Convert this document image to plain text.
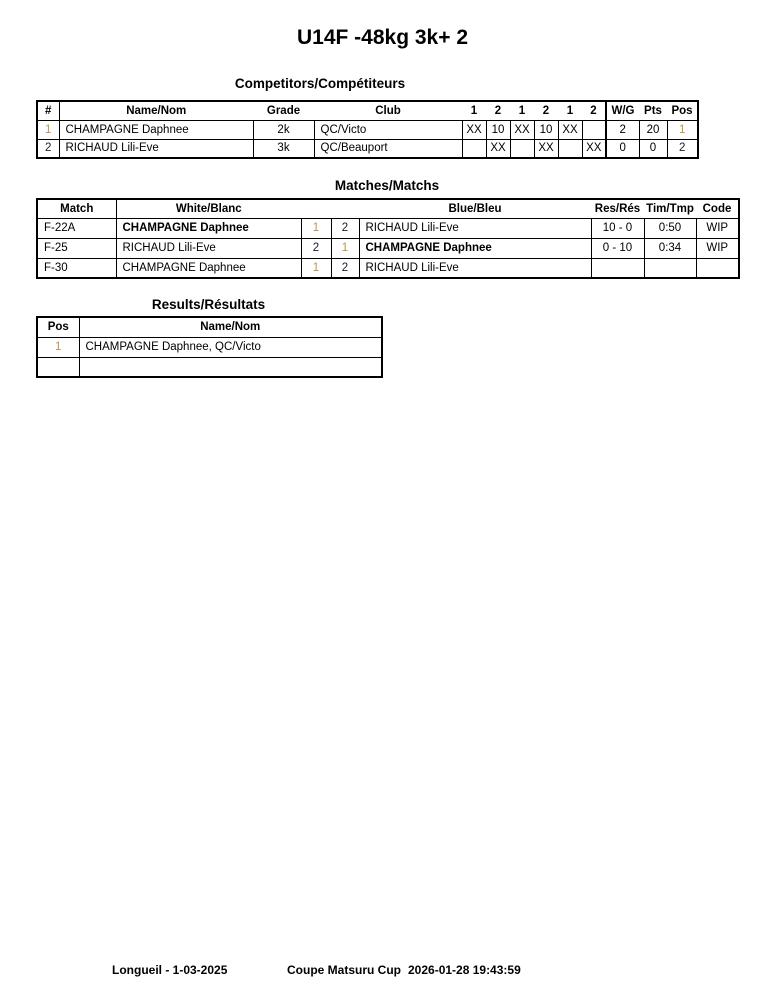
U14F -48kg 3k+ 2
Competitors/Compétiteurs
#	Name/Nom	Grade	Club	1	2	1	2	1	2	W/G	Pts	Pos
1	CHAMPAGNE Daphnee	2k	QC/Victo	XX	10	XX	10	XX		2	20	1
2	RICHAUD Lili-Eve	3k	QC/Beauport		XX		XX		XX	0	0	2
Matches/Matchs
Match	White/Blanc			Blue/Bleu	Res/Rés	Tim/Tmp	Code
F-22A	CHAMPAGNE Daphnee	1	2	RICHAUD Lili-Eve	10 - 0	0:50	WIP
F-25	RICHAUD Lili-Eve	2	1	CHAMPAGNE Daphnee	0 - 10	0:34	WIP
F-30	CHAMPAGNE Daphnee	1	2	RICHAUD Lili-Eve			
Results/Résultats
Pos	Name/Nom
1	CHAMPAGNE Daphnee, QC/Victo

Longueil - 1-03-2025	Coupe Matsuru Cup 2026-01-28 19:43:59
